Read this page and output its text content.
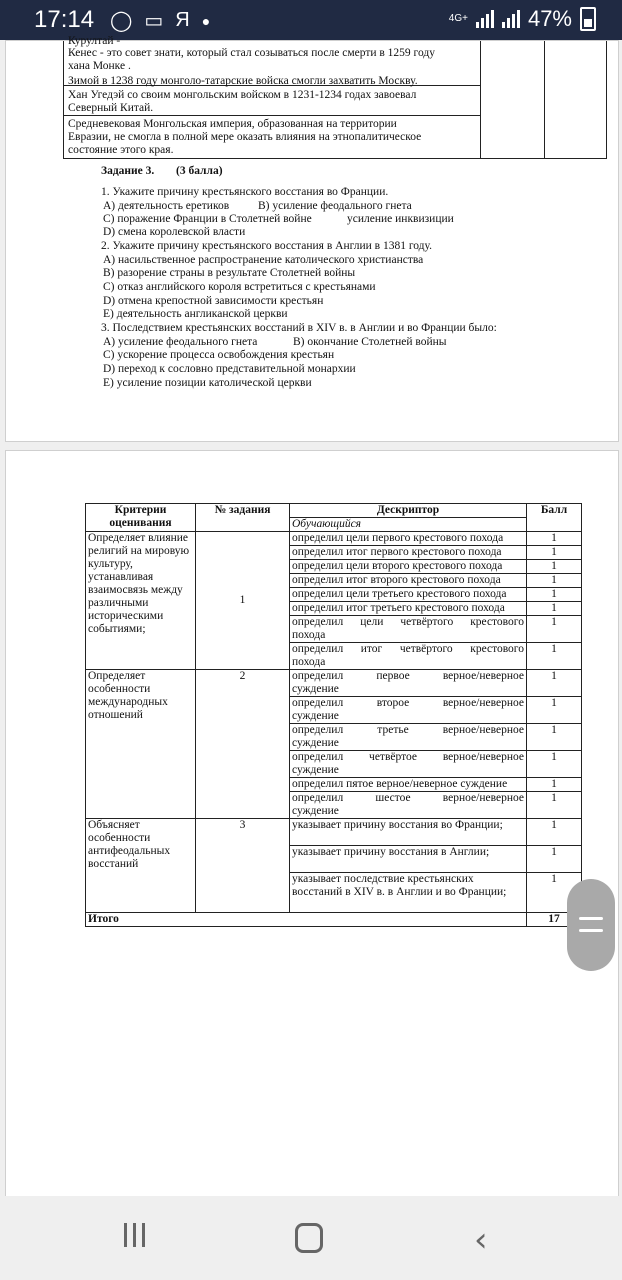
17:14 ◯ ▭ Я ●	4G+	47%
Курултай -
Кенес - это совет знати, который стал созываться после смерти в 1259 году
хана Монке .
Зимой в 1238 году монголо-татарские войска смогли захватить Москву.
Хан Угедэй со своим монгольским войском в 1231-1234 годах завоевал
Северный Китай.
Средневековая Монгольская империя, образованная на территории
Евразии, не смогла в полной мере оказать влияния на этнопалитическое
состояние этого края.
Задание 3. (3 балла)
1. Укажите причину крестьянского восстания во Франции.
A) деятельность еретиков	B) усиление феодального гнета
C) поражение Франции в Столетней войне	усиление инквизиции
D) смена королевской власти
2. Укажите причину крестьянского восстания в Англии в 1381 году.
A) насильственное распространение католического христианства
B) разорение страны в результате Столетней войны
C) отказ английского короля встретиться с крестьянами
D) отмена крепостной зависимости крестьян
E) деятельность англиканской церкви
3. Последствием крестьянских восстаний в XIV в. в Англии и во Франции было:
A) усиление феодального гнета	B) окончание Столетней войны
C) ускорение процесса освобождения крестьян
D) переход к сословно представительной монархии
E) усиление позиции католической церкви
Критерии оценивания	№ задания	Дескриптор	Балл
		Обучающийся	
Определяет влияние религий на мировую культуру, устанавливая взаимосвязь между различными историческими событиями;	1	определил цели первого крестового похода	1
		определил итог первого крестового похода	1
		определил цели второго крестового похода	1
		определил итог второго крестового похода	1
		определил цели третьего крестового похода	1
		определил итог третьего крестового похода	1

		определил цели четвёртого крестового
похода	1

		определил итог четвёртого крестового
похода	1

Определяет особенности международных отношений	2	определил первое верное/неверное
суждение	1

		определил второе верное/неверное
суждение	1

		определил третье верное/неверное
суждение	1

		определил четвёртое верное/неверное
суждение	1
		определил пятое верное/неверное суждение	1

		определил шестое верное/неверное
суждение	1
Объясняет особенности антифеодальных восстаний	3	указывает причину восстания во Франции;	1
		указывает причину восстания в Англии;	1
		указывает последствие крестьянских восстаний в XIV в. в Англии и во Франции;	1
Итого			17
‹
